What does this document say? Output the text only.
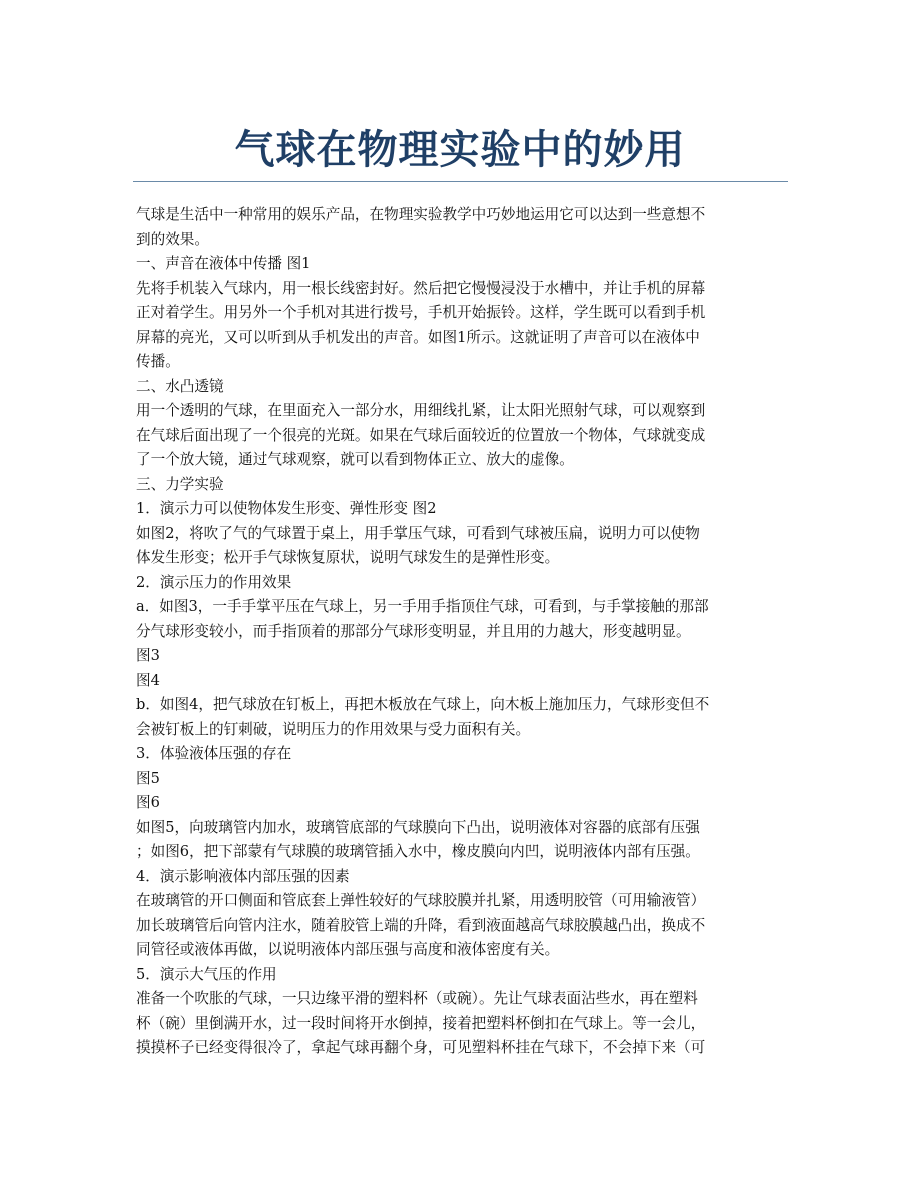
气球在物理实验中的妙用

气球是生活中一种常用的娱乐产品，在物理实验教学中巧妙地运用它可以达到一些意想不

到的效果。

一、声音在液体中传播 图1

先将手机装入气球内，用一根长线密封好。然后把它慢慢浸没于水槽中，并让手机的屏幕

正对着学生。用另外一个手机对其进行拨号，手机开始振铃。这样，学生既可以看到手机

屏幕的亮光，又可以听到从手机发出的声音。如图1所示。这就证明了声音可以在液体中

传播。

二、水凸透镜

用一个透明的气球，在里面充入一部分水，用细线扎紧，让太阳光照射气球，可以观察到

在气球后面出现了一个很亮的光斑。如果在气球后面较近的位置放一个物体，气球就变成

了一个放大镜，通过气球观察，就可以看到物体正立、放大的虚像。

三、力学实验

1．演示力可以使物体发生形变、弹性形变 图2

如图2，将吹了气的气球置于桌上，用手掌压气球，可看到气球被压扁，说明力可以使物

体发生形变；松开手气球恢复原状，说明气球发生的是弹性形变。

2．演示压力的作用效果

a．如图3，一手手掌平压在气球上，另一手用手指顶住气球，可看到，与手掌接触的那部

分气球形变较小，而手指顶着的那部分气球形变明显，并且用的力越大，形变越明显。

图3

图4

b．如图4，把气球放在钉板上，再把木板放在气球上，向木板上施加压力，气球形变但不

会被钉板上的钉刺破，说明压力的作用效果与受力面积有关。

3．体验液体压强的存在

图5

图6

如图5，向玻璃管内加水，玻璃管底部的气球膜向下凸出，说明液体对容器的底部有压强

；如图6，把下部蒙有气球膜的玻璃管插入水中，橡皮膜向内凹，说明液体内部有压强。

4．演示影响液体内部压强的因素

在玻璃管的开口侧面和管底套上弹性较好的气球胶膜并扎紧，用透明胶管（可用输液管）

加长玻璃管后向管内注水，随着胶管上端的升降，看到液面越高气球胶膜越凸出，换成不

同管径或液体再做，以说明液体内部压强与高度和液体密度有关。

5．演示大气压的作用

准备一个吹胀的气球，一只边缘平滑的塑料杯（或碗）。先让气球表面沾些水，再在塑料

杯（碗）里倒满开水，过一段时间将开水倒掉，接着把塑料杯倒扣在气球上。等一会儿，

摸摸杯子已经变得很冷了，拿起气球再翻个身，可见塑料杯挂在气球下，不会掉下来（可
